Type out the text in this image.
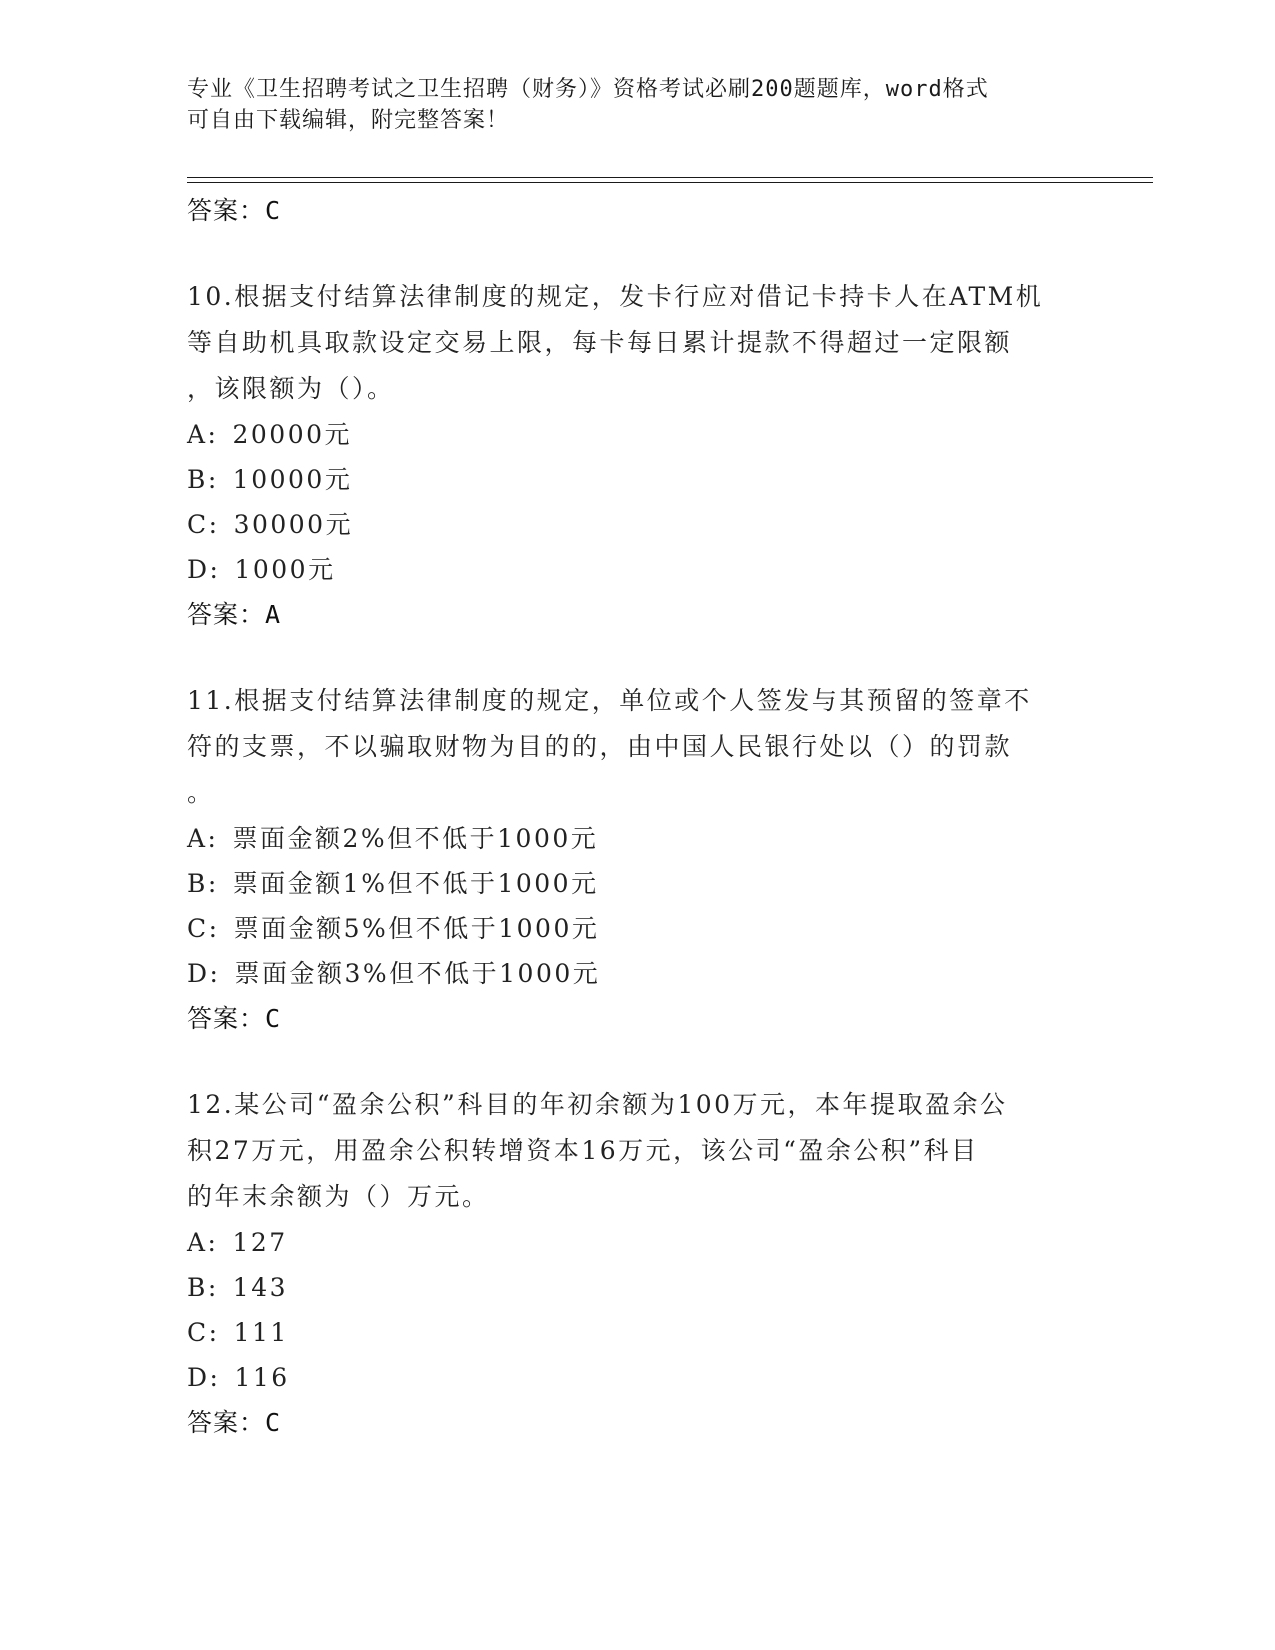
专业《卫生招聘考试之卫生招聘（财务）》资格考试必刷200题题库，word格式
可自由下载编辑，附完整答案！
答案：C
10.根据支付结算法律制度的规定，发卡行应对借记卡持卡人在ATM机
等自助机具取款设定交易上限，每卡每日累计提款不得超过一定限额
，该限额为（）。
A: 20000元
B: 10000元
C: 30000元
D: 1000元
答案：A
11.根据支付结算法律制度的规定，单位或个人签发与其预留的签章不
符的支票，不以骗取财物为目的的，由中国人民银行处以（）的罚款
。
A: 票面金额2%但不低于1000元
B: 票面金额1%但不低于1000元
C: 票面金额5%但不低于1000元
D: 票面金额3%但不低于1000元
答案：C
12.某公司“盈余公积”科目的年初余额为100万元，本年提取盈余公
积27万元，用盈余公积转增资本16万元，该公司“盈余公积”科目
的年末余额为（）万元。
A: 127
B: 143
C: 111
D: 116
答案：C
